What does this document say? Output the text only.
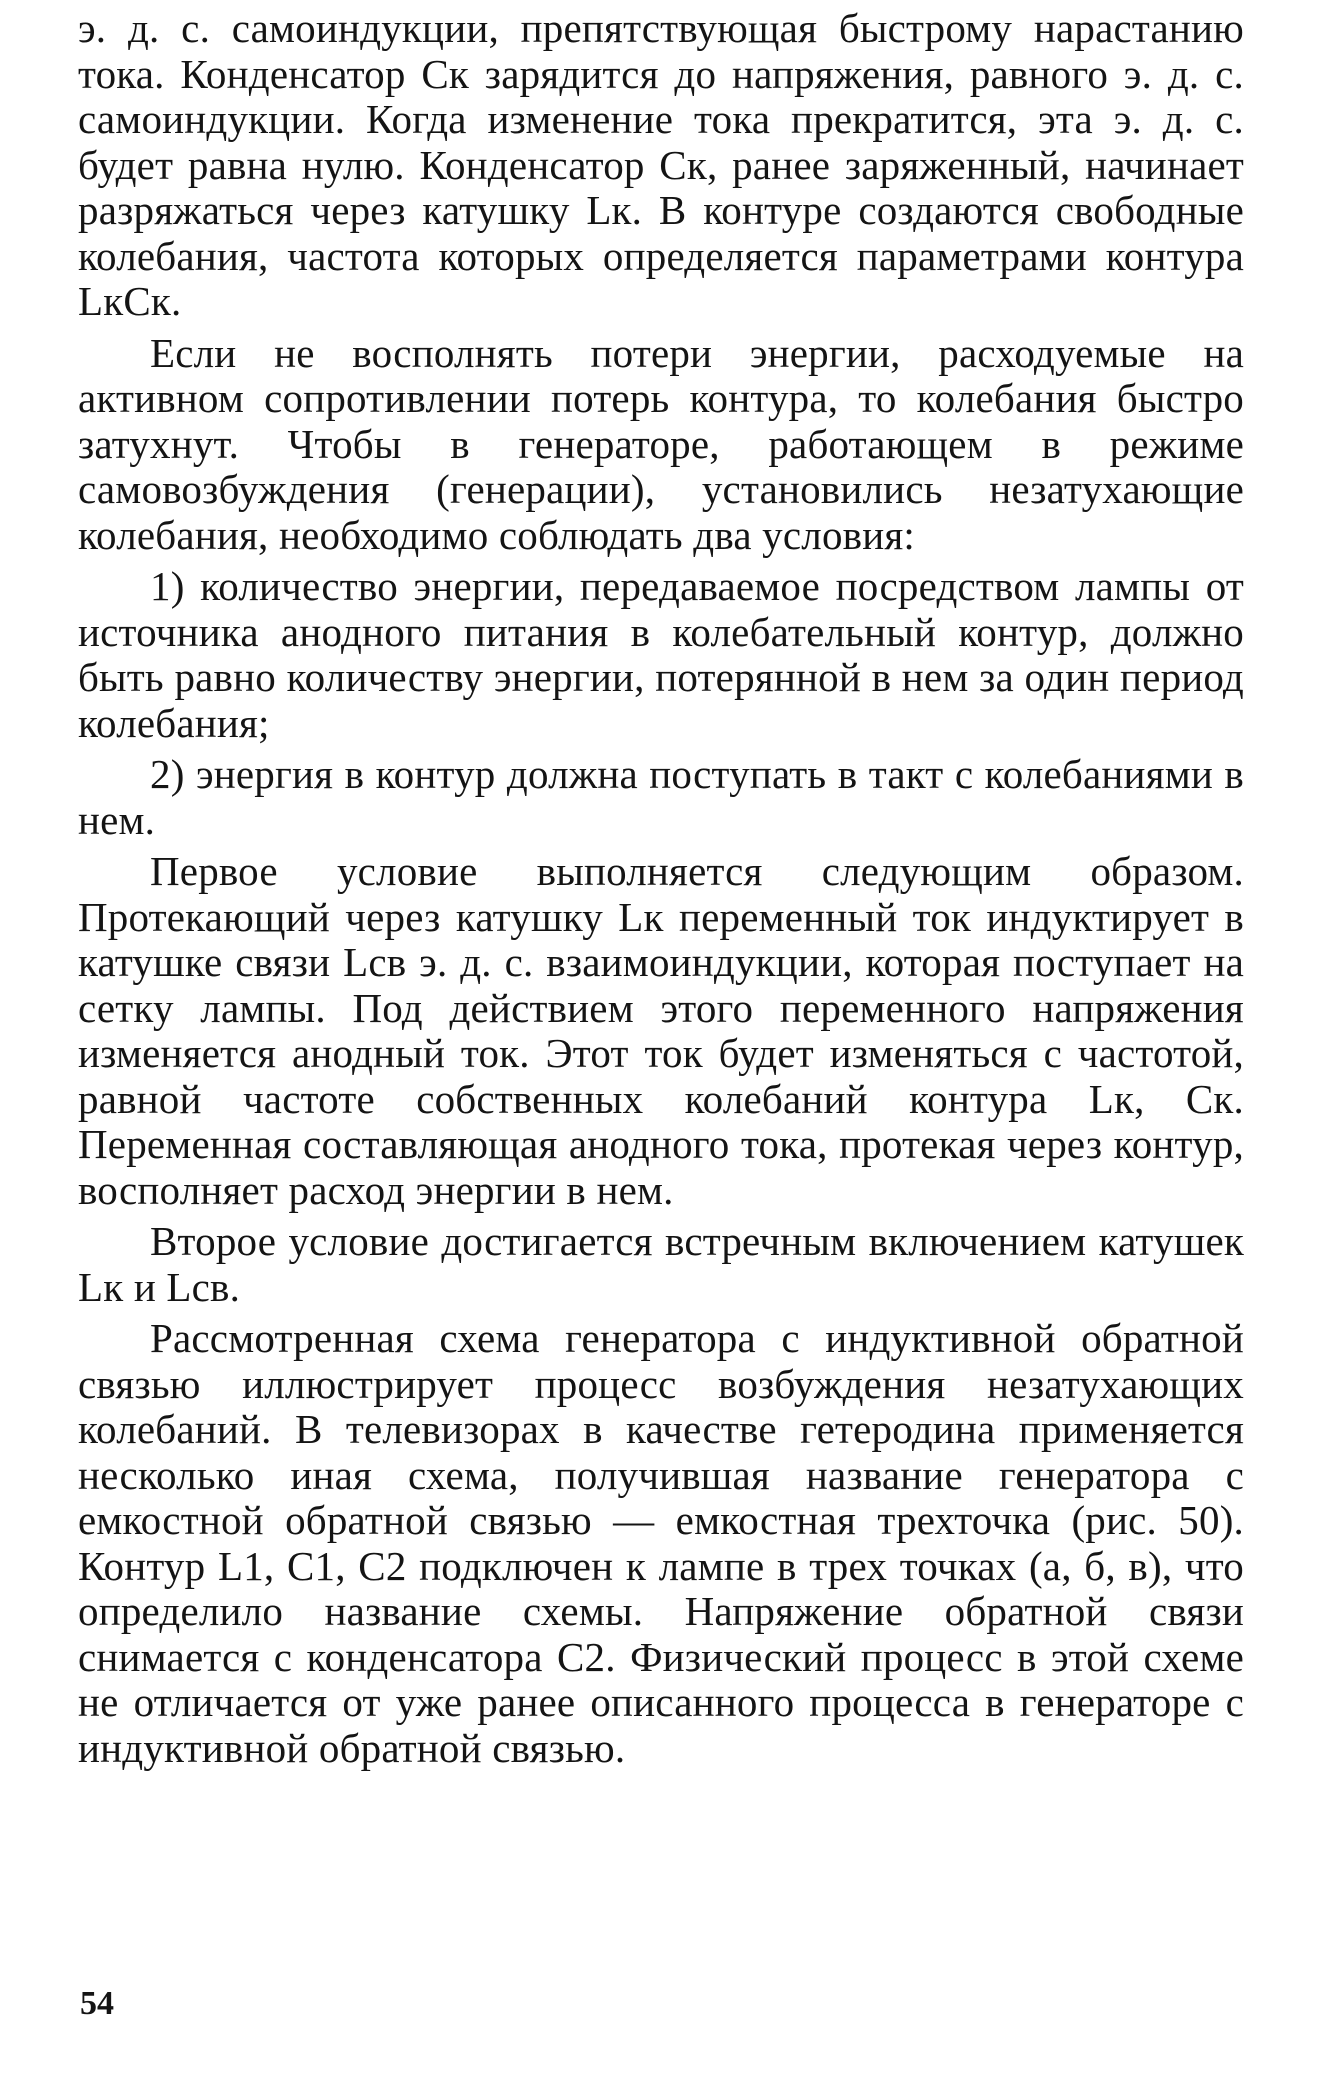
э. д. с. самоиндукции, препятствующая быстрому нарастанию тока. Конденсатор Cк зарядится до напряжения, равного э. д. с. самоиндукции. Когда изменение тока прекратится, эта э. д. с. будет равна нулю. Конденсатор Cк, ранее заряженный, начинает разряжаться через катушку Lк. В контуре создаются свободные колебания, частота которых определяется параметрами контура LкCк.

Если не восполнять потери энергии, расходуемые на активном сопротивлении потерь контура, то колебания быстро затухнут. Чтобы в генераторе, работающем в режиме самовозбуждения (генерации), установились незатухающие колебания, необходимо соблюдать два условия:

1) количество энергии, передаваемое посредством лампы от источника анодного питания в колебательный контур, должно быть равно количеству энергии, потерянной в нем за один период колебания;

2) энергия в контур должна поступать в такт с колебаниями в нем.

Первое условие выполняется следующим образом. Протекающий через катушку Lк переменный ток индуктирует в катушке связи Lсв э. д. с. взаимоиндукции, которая поступает на сетку лампы. Под действием этого переменного напряжения изменяется анодный ток. Этот ток будет изменяться с частотой, равной частоте собственных колебаний контура Lк, Cк. Переменная составляющая анодного тока, протекая через контур, восполняет расход энергии в нем.

Второе условие достигается встречным включением катушек Lк и Lсв.

Рассмотренная схема генератора с индуктивной обратной связью иллюстрирует процесс возбуждения незатухающих колебаний. В телевизорах в качестве гетеродина применяется несколько иная схема, получившая название генератора с емкостной обратной связью — емкостная трехточка (рис. 50). Контур L1, C1, C2 подключен к лампе в трех точках (а, б, в), что определило название схемы. Напряжение обратной связи снимается с конденсатора C2. Физический процесс в этой схеме не отличается от уже ранее описанного процесса в генераторе с индуктивной обратной связью.

54
